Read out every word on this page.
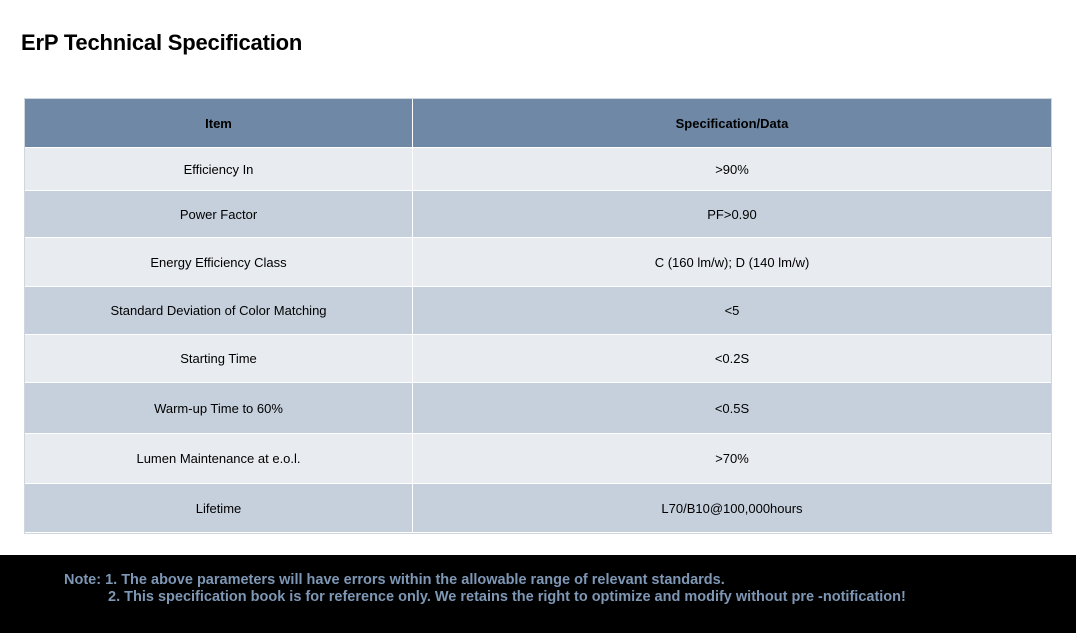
ErP Technical Specification
Item	Specification/Data
Efficiency In	>90%
Power Factor	PF>0.90
Energy Efficiency Class	C (160 lm/w); D (140 lm/w)
Standard Deviation of Color Matching	<5
Starting Time	<0.2S
Warm-up Time to 60%	<0.5S
Lumen Maintenance at e.o.l.	>70%
Lifetime	L70/B10@100,000hours
Note: 1. The above parameters will have errors within the allowable range of relevant standards.
2. This specification book is for reference only. We retains the right to optimize and modify without pre -notification!
